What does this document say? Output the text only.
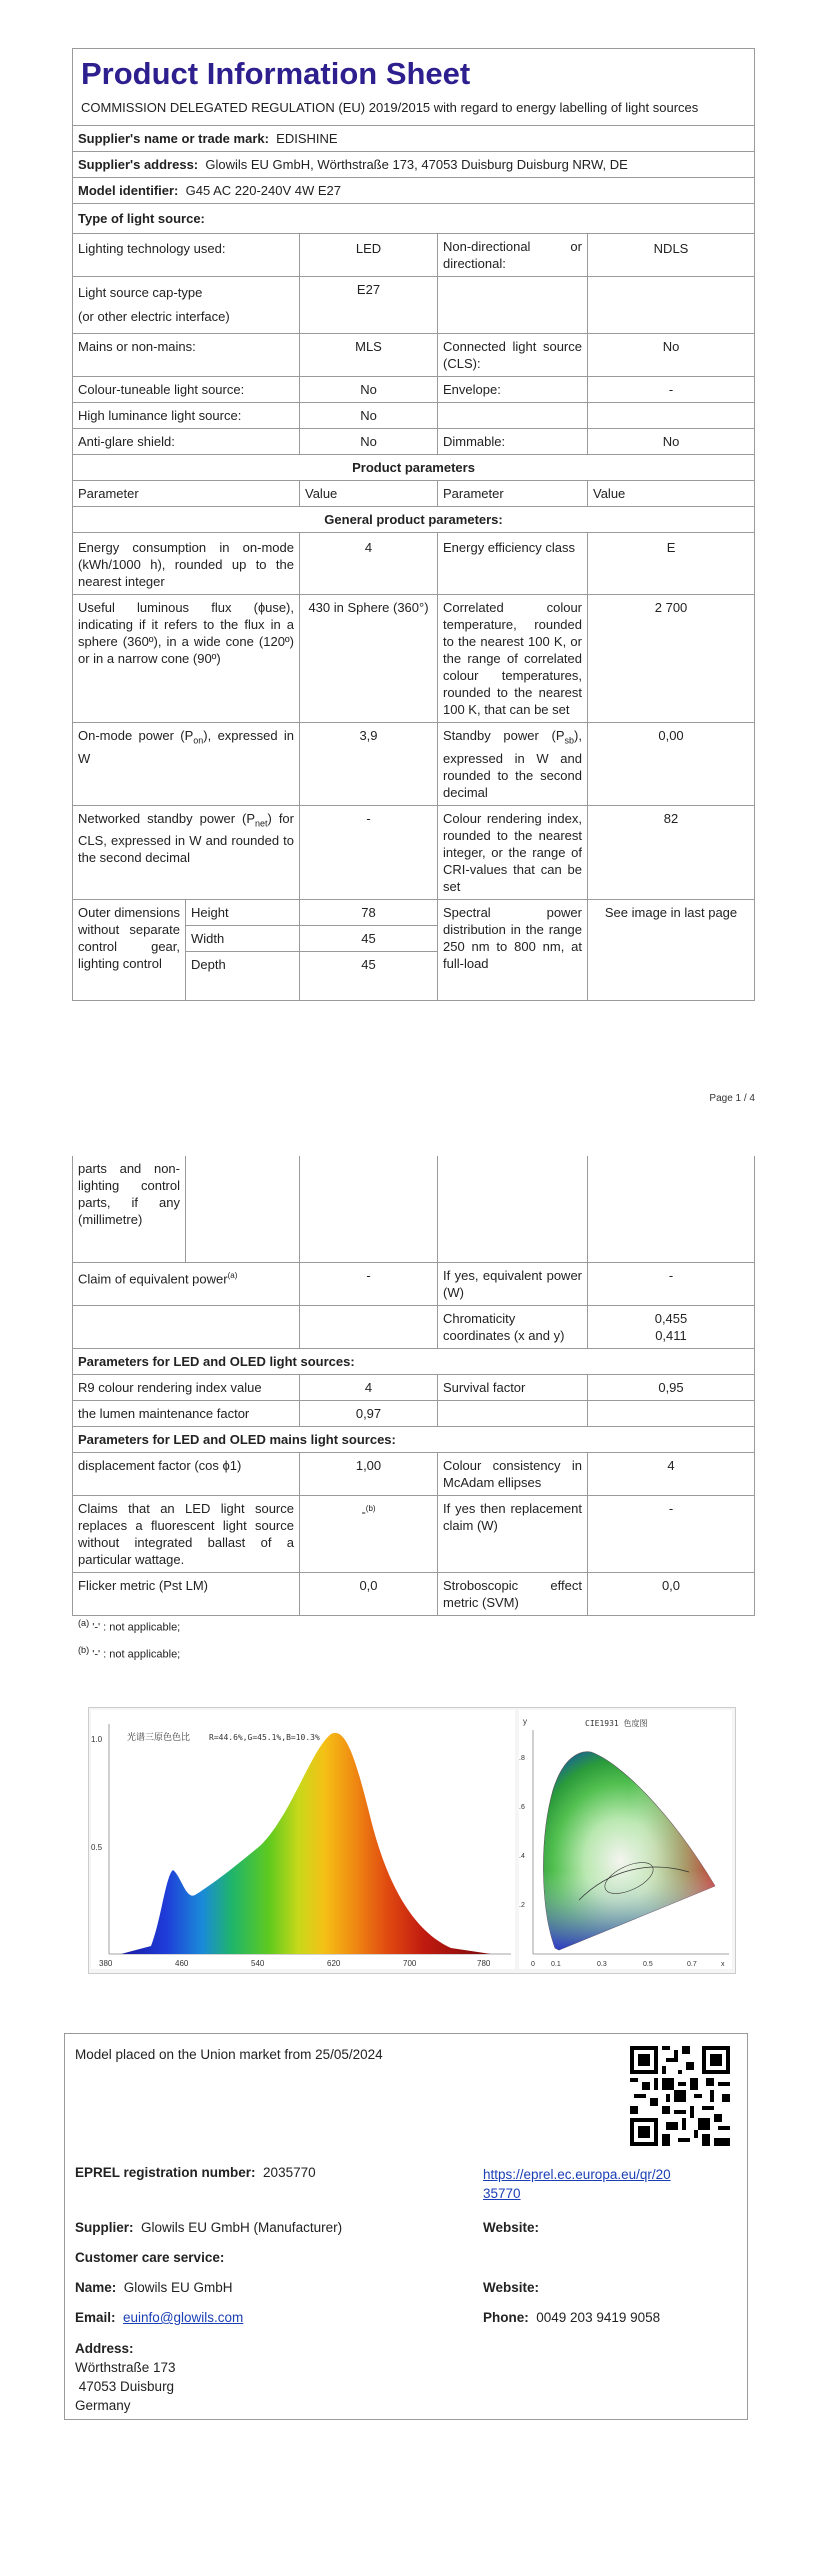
Product Information Sheet
COMMISSION DELEGATED REGULATION (EU) 2019/2015 with regard to energy labelling of light sources				

Supplier's name or trade mark: EDISHINE				
Supplier's address: Glowils EU GmbH, Wörthstraße 173, 47053 Duisburg Duisburg NRW, DE				
Model identifier: G45 AC 220-240V 4W E27				
Type of light source:				
Lighting technology used:		LED	Non-directional or directional:	NDLS
Light source cap-type
(or other electric interface)		E27		
Mains or non-mains:		MLS	Connected light source (CLS):	No
Colour-tuneable light source:		No	Envelope:	-
High luminance light source:		No		
Anti-glare shield:		No	Dimmable:	No
Product parameters				
Parameter		Value	Parameter	Value
General product parameters:				
Energy consumption in on-mode (kWh/1000 h), rounded up to the nearest integer		4	Energy efficiency class	E
Useful luminous flux (ɸuse), indicating if it refers to the flux in a sphere (360º), in a wide cone (120º) or in a narrow cone (90º)		430 in Sphere (360°)	Correlated colour temperature, rounded to the nearest 100 K, or the range of correlated colour temperatures, rounded to the nearest 100 K, that can be set	2 700
On-mode power $(P_{on})$, expressed in W		3,9	Standby power $(P_{sb})$, expressed in W and rounded to the second decimal	0,00
Networked standby power $(P_{net})$ for CLS, expressed in W and rounded to the second decimal		-	Colour rendering index, rounded to the nearest integer, or the range of CRI-values that can be set	82
Outer dimensions without separate control gear, lighting control	Height	78	Spectral power distribution in the range 250 nm to 800 nm, at full-load	See image in last page
	Width	45		
	Depth	45		
Page 1 / 4
parts and non-lighting control parts, if any (millimetre)				
Claim of equivalent power$^{(a)}$		-	If yes, equivalent power (W)	-
			Chromaticity coordinates (x and y)	0,455
0,411
Parameters for LED and OLED light sources:				
R9 colour rendering index value		4	Survival factor	0,95
the lumen maintenance factor		0,97		
Parameters for LED and OLED mains light sources:				
displacement factor (cos ϕ1)		1,00	Colour consistency in McAdam ellipses	4
Claims that an LED light source replaces a fluorescent light source without integrated ballast of a particular wattage.		-$^{(b)}$	If yes then replacement claim (W)	-
Flicker metric (Pst LM)		0,0	Stroboscopic effect metric (SVM)	0,0
$^{(a)}$ '-' : not applicable;
$^{(b)}$ '-' : not applicable;
光谱三原色色比 R=44.6%,G=45.1%,B=10.3%
1.0
0.5
380	460	540	620	700	780
CIE1931 色度图
y
.8
.6
.4
.2
0 0.1	0.3	0.5	0.7	x
Model placed on the Union market from 25/05/2024
EPREL registration number: 2035770	https://eprel.ec.europa.eu/qr/20
35770
Supplier: Glowils EU GmbH (Manufacturer)	Website:
Customer care service:
Name: Glowils EU GmbH	Website:
Email: euinfo@glowils.com	Phone: 0049 203 9419 9058
Address:
Wörthstraße 173
47053 Duisburg
Germany
